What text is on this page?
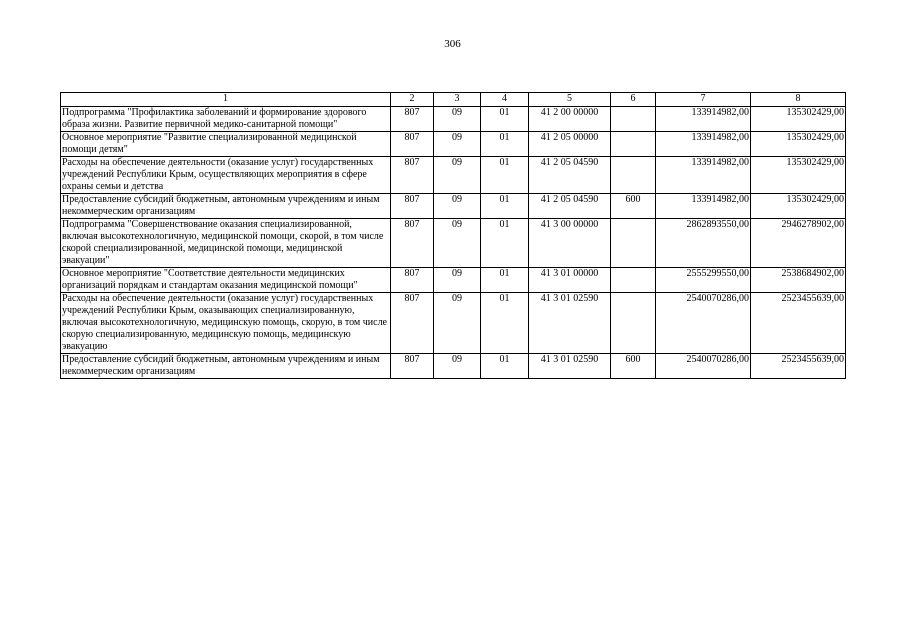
306
1	2	3	4	5	6	7	8
Подпрограмма "Профилактика заболеваний и формирование здорового образа жизни. Развитие первичной медико-санитарной помощи"	807	09	01	41 2 00 00000		133914982,00	135302429,00
Основное мероприятие "Развитие специализированной медицинской помощи детям"	807	09	01	41 2 05 00000		133914982,00	135302429,00
Расходы на обеспечение деятельности (оказание услуг) государственных учреждений Республики Крым, осуществляющих мероприятия в сфере охраны семьи и детства	807	09	01	41 2 05 04590		133914982,00	135302429,00
Предоставление субсидий бюджетным, автономным учреждениям и иным некоммерческим организациям	807	09	01	41 2 05 04590	600	133914982,00	135302429,00
Подпрограмма "Совершенствование оказания специализированной, включая высокотехнологичную, медицинской помощи, скорой, в том числе скорой специализированной, медицинской помощи, медицинской эвакуации"	807	09	01	41 3 00 00000		2862893550,00	2946278902,00
Основное мероприятие "Соответствие деятельности медицинских организаций порядкам и стандартам оказания медицинской помощи"	807	09	01	41 3 01 00000		2555299550,00	2538684902,00
Расходы на обеспечение деятельности (оказание услуг) государственных учреждений Республики Крым, оказывающих специализированную, включая высокотехнологичную, медицинскую помощь, скорую, в том числе скорую специализированную, медицинскую помощь, медицинскую эвакуацию	807	09	01	41 3 01 02590		2540070286,00	2523455639,00
Предоставление субсидий бюджетным, автономным учреждениям и иным некоммерческим организациям	807	09	01	41 3 01 02590	600	2540070286,00	2523455639,00
